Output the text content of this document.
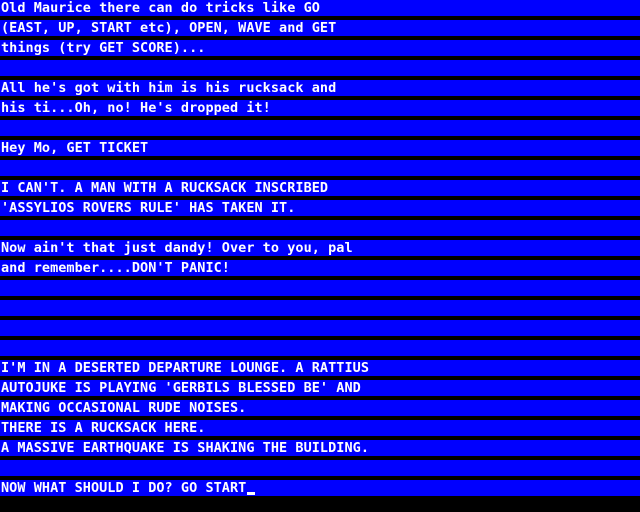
Old Maurice there can do tricks like GO
(EAST, UP, START etc), OPEN, WAVE and GET
things (try GET SCORE)...
All he's got with him is his rucksack and
his ti...Oh, no! He's dropped it!
Hey Mo, GET TICKET
I CAN'T. A MAN WITH A RUCKSACK INSCRIBED
'ASSYLIOS ROVERS RULE' HAS TAKEN IT.
Now ain't that just dandy! Over to you, pal
and remember....DON'T PANIC!
I'M IN A DESERTED DEPARTURE LOUNGE. A RATTIUS
AUTOJUKE IS PLAYING 'GERBILS BLESSED BE' AND
MAKING OCCASIONAL RUDE NOISES.
THERE IS A RUCKSACK HERE.
A MASSIVE EARTHQUAKE IS SHAKING THE BUILDING.
NOW WHAT SHOULD I DO? GO START
